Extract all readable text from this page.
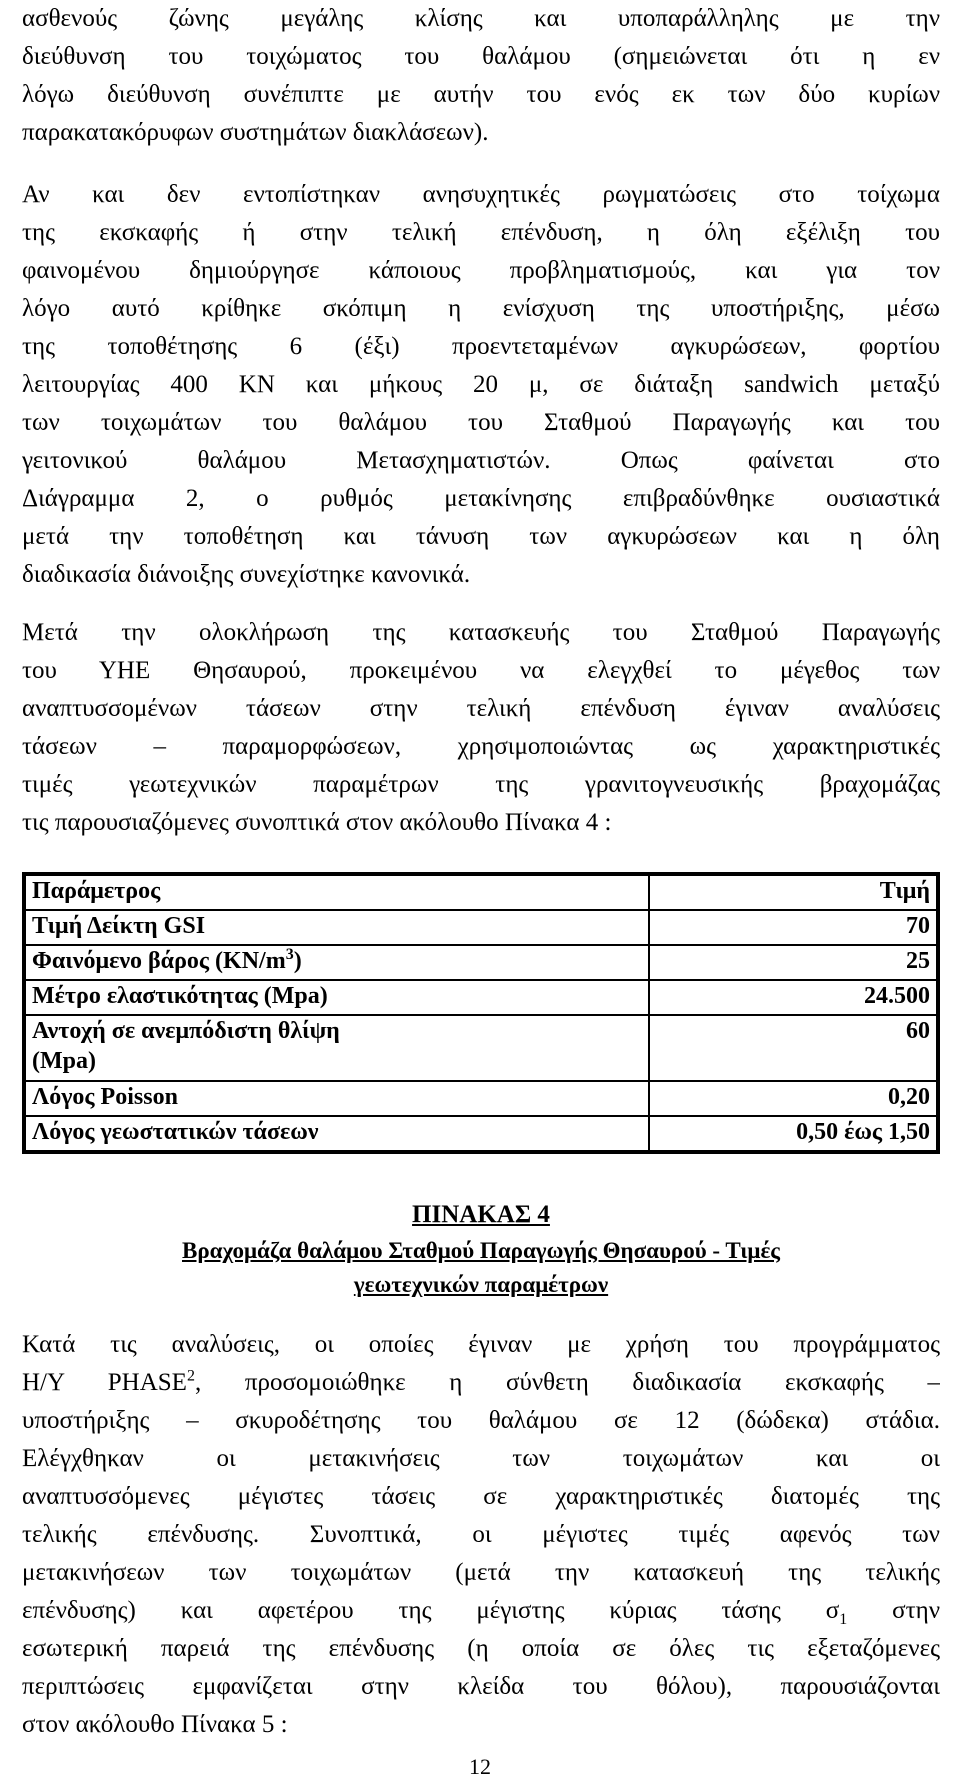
ασθενούς ζώνης μεγάλης κλίσης και υποπαράλληλης με την
διεύθυνση του τοιχώματος του θαλάμου (σημειώνεται ότι η εν
λόγω διεύθυνση συνέπιπτε με αυτήν του ενός εκ των δύο κυρίων
παρακατακόρυφων συστημάτων διακλάσεων).
Αν και δεν εντοπίστηκαν ανησυχητικές ρωγματώσεις στο τοίχωμα
της εκσκαφής ή στην τελική επένδυση, η όλη εξέλιξη του
φαινομένου δημιούργησε κάποιους προβληματισμούς, και για τον
λόγο αυτό κρίθηκε σκόπιμη η ενίσχυση της υποστήριξης, μέσω
της τοποθέτησης 6 (έξι) προεντεταμένων αγκυρώσεων, φορτίου
λειτουργίας 400 ΚΝ και μήκους 20 μ, σε διάταξη sandwich μεταξύ
των τοιχωμάτων του θαλάμου του Σταθμού Παραγωγής και του
γειτονικού θαλάμου Μετασχηματιστών. Οπως φαίνεται στο
Διάγραμμα 2, ο ρυθμός μετακίνησης επιβραδύνθηκε ουσιαστικά
μετά την τοποθέτηση και τάνυση των αγκυρώσεων και η όλη
διαδικασία διάνοιξης συνεχίστηκε κανονικά.
Μετά την ολοκλήρωση της κατασκευής του Σταθμού Παραγωγής
του ΥΗΕ Θησαυρού, προκειμένου να ελεγχθεί το μέγεθος των
αναπτυσσομένων τάσεων στην τελική επένδυση έγιναν αναλύσεις
τάσεων – παραμορφώσεων, χρησιμοποιώντας ως χαρακτηριστικές
τιμές γεωτεχνικών παραμέτρων της γρανιτογνευσικής βραχομάζας
τις παρουσιαζόμενες συνοπτικά στον ακόλουθο Πίνακα 4 :
Παράμετρος	Τιμή
Τιμή Δείκτη GSI	70
Φαινόμενο βάρος $(KN/m^3)$	25
Μέτρο ελαστικότητας (Mpa)	24.500
Αντοχή σε ανεμπόδιστη θλίψη
(Mpa)	60
Λόγος Poisson	0,20
Λόγος γεωστατικών τάσεων	0,50 έως 1,50

ΠΙΝΑΚΑΣ 4

Βραχομάζα θαλάμου Σταθμού Παραγωγής Θησαυρού - Τιμές

γεωτεχνικών παραμέτρων

Κατά τις αναλύσεις, οι οποίες έγιναν με χρήση του προγράμματος
Η/Υ PHASE$^2$, προσομοιώθηκε η σύνθετη διαδικασία εκσκαφής –
υποστήριξης – σκυροδέτησης του θαλάμου σε 12 (δώδεκα) στάδια.
Ελέγχθηκαν οι μετακινήσεις των τοιχωμάτων και οι
αναπτυσσόμενες μέγιστες τάσεις σε χαρακτηριστικές διατομές της
τελικής επένδυσης. Συνοπτικά, οι μέγιστες τιμές αφενός των
μετακινήσεων των τοιχωμάτων (μετά την κατασκευή της τελικής
επένδυσης) και αφετέρου της μέγιστης κύριας τάσης $\sigma_1$ στην
εσωτερική παρειά της επένδυσης (η οποία σε όλες τις εξεταζόμενες
περιπτώσεις εμφανίζεται στην κλείδα του θόλου), παρουσιάζονται
στον ακόλουθο Πίνακα 5 :
12
